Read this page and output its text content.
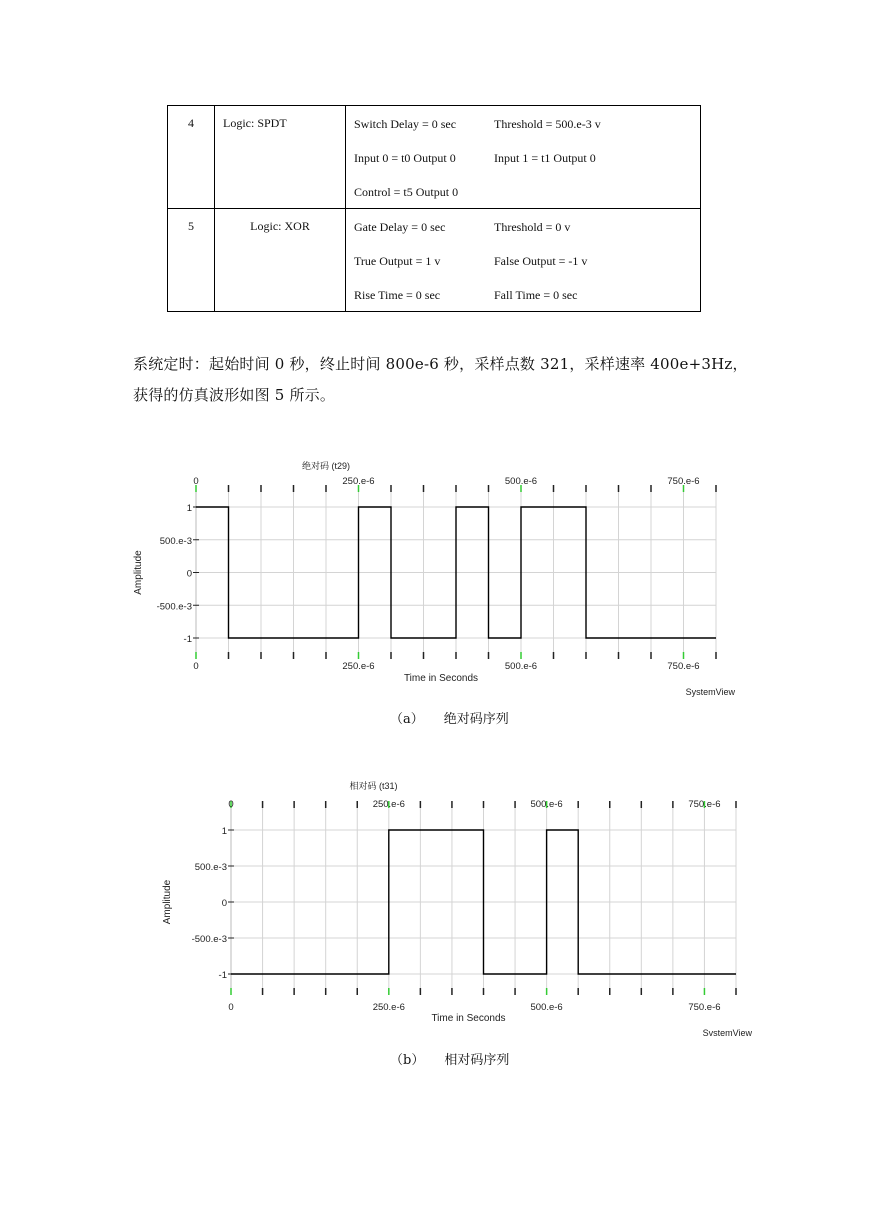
4	Logic: SPDT	Switch Delay = 0 sec Threshold = 500.e-3 v
Input 0 = t0 Output 0 Input 1 = t1 Output 0
Control = t5 Output 0

5	Logic: XOR	Gate Delay = 0 sec Threshold = 0 v
True Output = 1 v False Output = -1 v
Rise Time = 0 sec Fall Time = 0 sec

系统定时：起始时间 0 秒，终止时间 800e-6 秒，采样点数 321，采样速率 400e+3Hz，

获得的仿真波形如图 5 所示。

1
500.e-3
0
-500.e-3
-1
0
0
250.e-6
250.e-6
500.e-6
500.e-6
750.e-6
750.e-6
绝对码 (t29)
Time in Seconds
Amplitude
SystemView
（a） 绝对码序列
1
500.e-3
0
-500.e-3
-1
0
0
250.e-6
250.e-6
500.e-6
500.e-6
750.e-6
750.e-6
相对码 (t31)
Time in Seconds
Amplitude
SvstemView
（b） 相对码序列
